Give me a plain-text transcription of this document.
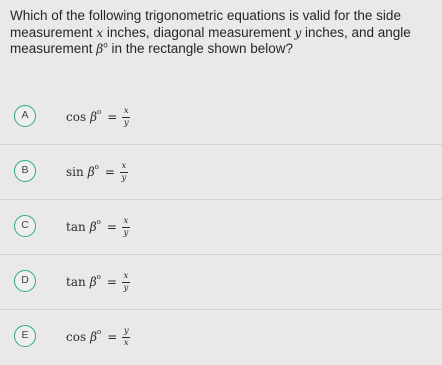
Which of the following trigonometric equations is valid for the side measurement x inches, diagonal measurement y inches, and angle measurement $\beta^o$ in the rectangle shown below?
A	cos β $o = \frac{x}{y}$
B	sin β $o = \frac{x}{y}$
C	tan β $o = \frac{x}{y}$
D	tan β $o = \frac{x}{y}$
E	cos β $o = \frac{y}{x}$
